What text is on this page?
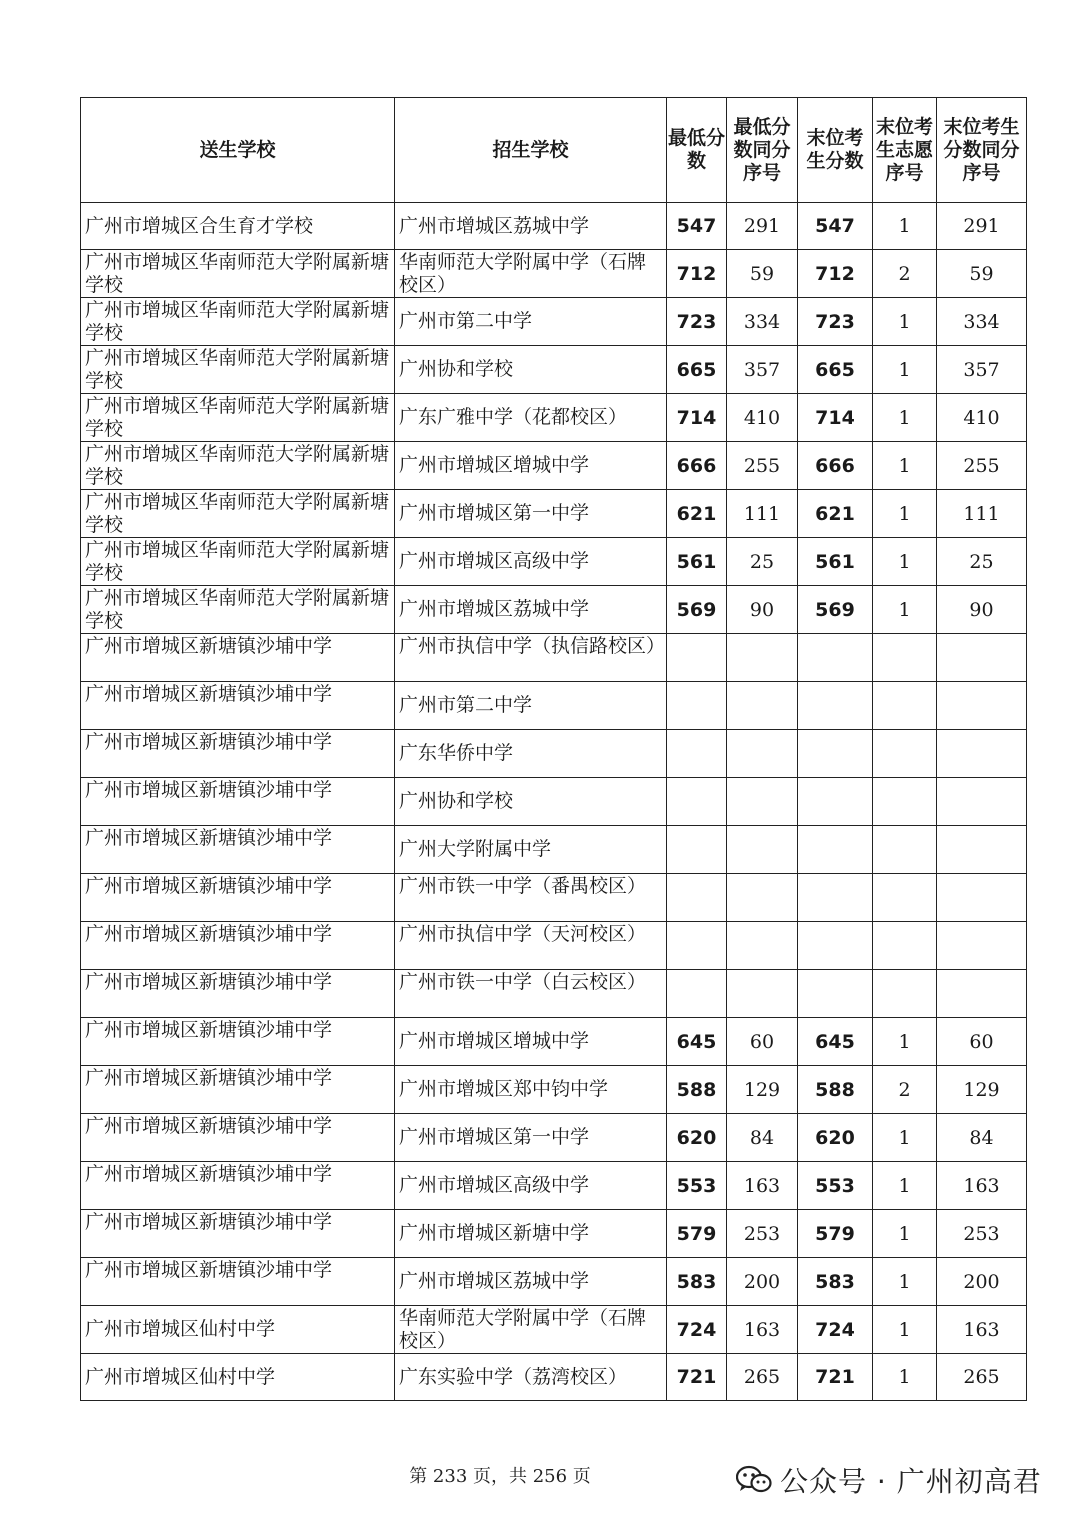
送生学校	招生学校	最低分数	最低分数同分序号	末位考生分数	末位考生志愿序号	末位考生分数同分序号
广州市增城区合生育才学校	广州市增城区荔城中学	547	291	547	1	291
广州市增城区华南师范大学附属新塘学校	华南师范大学附属中学（石牌校区）	712	59	712	2	59
广州市增城区华南师范大学附属新塘学校	广州市第二中学	723	334	723	1	334
广州市增城区华南师范大学附属新塘学校	广州协和学校	665	357	665	1	357
广州市增城区华南师范大学附属新塘学校	广东广雅中学（花都校区）	714	410	714	1	410
广州市增城区华南师范大学附属新塘学校	广州市增城区增城中学	666	255	666	1	255
广州市增城区华南师范大学附属新塘学校	广州市增城区第一中学	621	111	621	1	111
广州市增城区华南师范大学附属新塘学校	广州市增城区高级中学	561	25	561	1	25
广州市增城区华南师范大学附属新塘学校	广州市增城区荔城中学	569	90	569	1	90
广州市增城区新塘镇沙埔中学	广州市执信中学（执信路校区）					
广州市增城区新塘镇沙埔中学	广州市第二中学					
广州市增城区新塘镇沙埔中学	广东华侨中学					
广州市增城区新塘镇沙埔中学	广州协和学校					
广州市增城区新塘镇沙埔中学	广州大学附属中学					
广州市增城区新塘镇沙埔中学	广州市铁一中学（番禺校区）					
广州市增城区新塘镇沙埔中学	广州市执信中学（天河校区）					
广州市增城区新塘镇沙埔中学	广州市铁一中学（白云校区）					
广州市增城区新塘镇沙埔中学	广州市增城区增城中学	645	60	645	1	60
广州市增城区新塘镇沙埔中学	广州市增城区郑中钧中学	588	129	588	2	129
广州市增城区新塘镇沙埔中学	广州市增城区第一中学	620	84	620	1	84
广州市增城区新塘镇沙埔中学	广州市增城区高级中学	553	163	553	1	163
广州市增城区新塘镇沙埔中学	广州市增城区新塘中学	579	253	579	1	253
广州市增城区新塘镇沙埔中学	广州市增城区荔城中学	583	200	583	1	200
广州市增城区仙村中学	华南师范大学附属中学（石牌校区）	724	163	724	1	163
广州市增城区仙村中学	广东实验中学（荔湾校区）	721	265	721	1	265
第 233 页，共 256 页	公众号 · 广州初高君
